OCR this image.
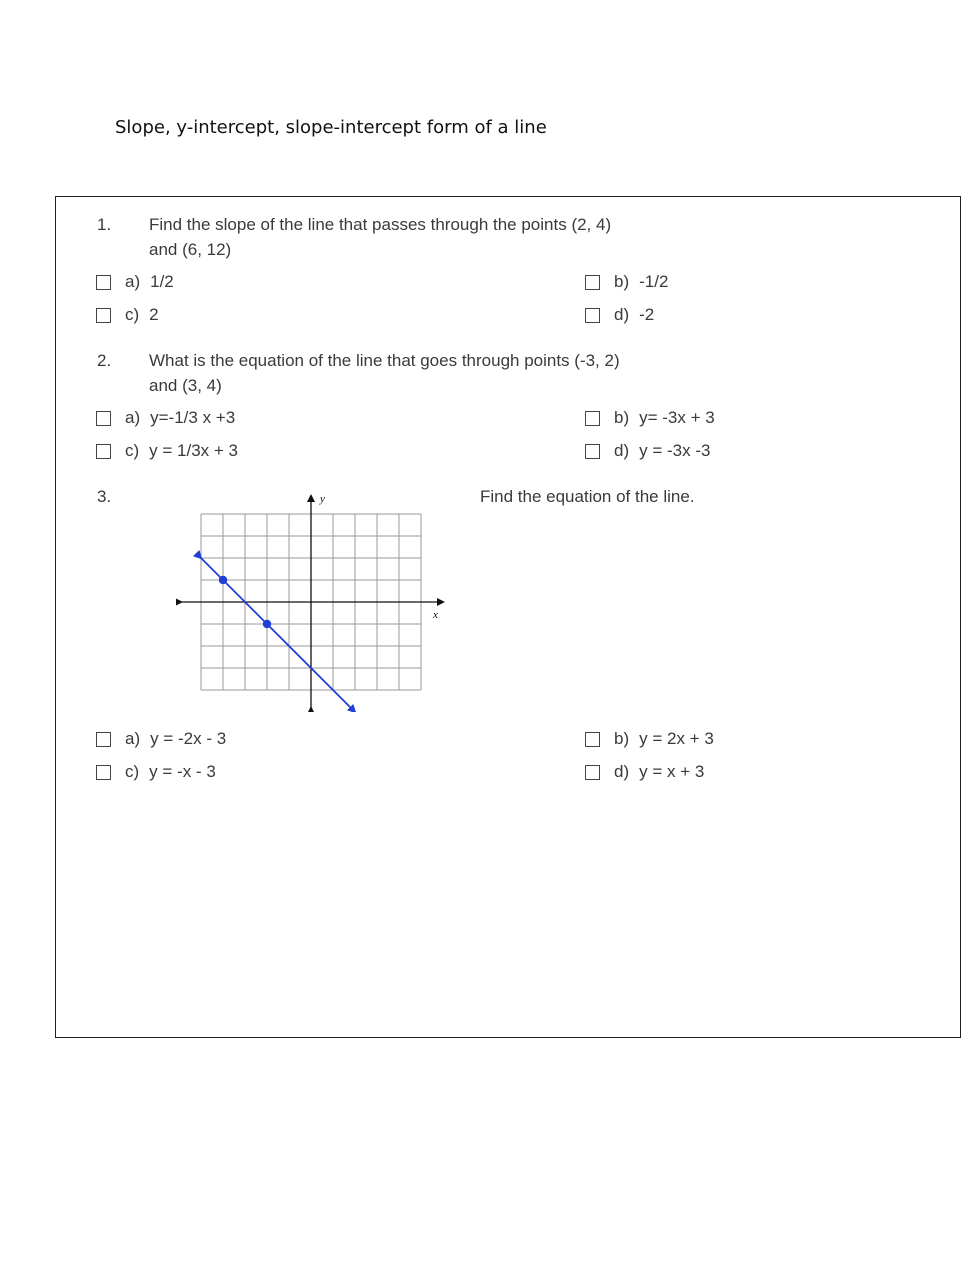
Slope, y-intercept, slope-intercept form of a line
1. Find the slope of the line that passes through the points (2, 4)
and (6, 12)
a) 1/2	b) -1/2
c) 2	d) -2
2. What is the equation of the line that goes through points (-3, 2)
and (3, 4)
a) y=-1/3 x +3	b) y= -3x + 3
c) y = 1/3x + 3	d) y = -3x -3
3.	Find the equation of the line.
x
y
a) y = -2x - 3	b) y = 2x + 3
c) y = -x - 3	d) y = x + 3
